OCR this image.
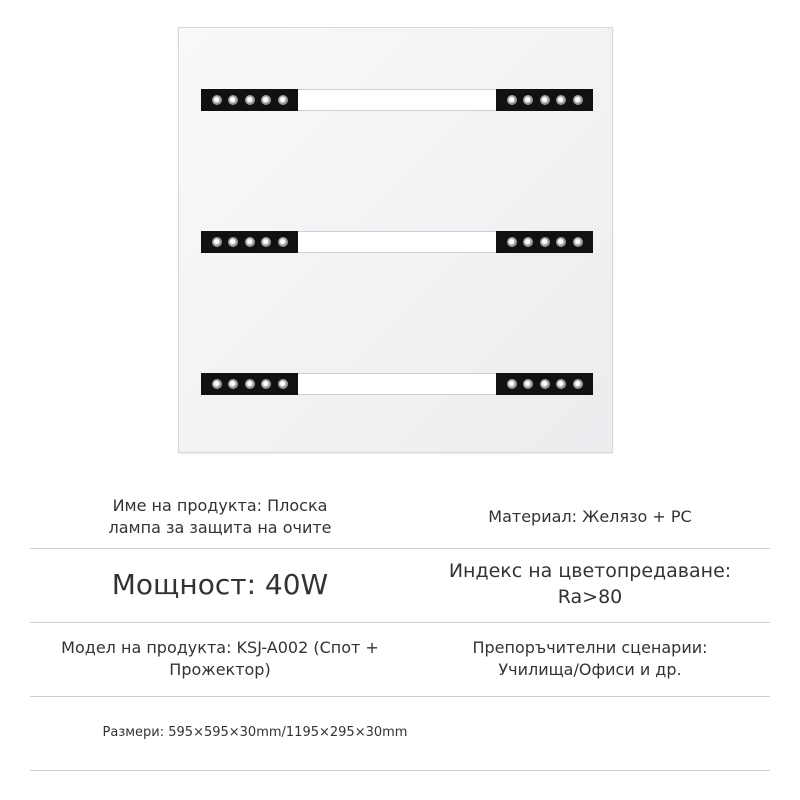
Име на продукта: Плоска лампа за защита на очите
Материал: Желязо + PC
Мощност: 40W	Индекс на цветопредаване: Ra>80
Модел на продукта: KSJ-A002 (Спот + Прожектор)
Препоръчителни сценарии: Училища/Офиси и др.
Размери: 595×595×30mm/1195×295×30mm
